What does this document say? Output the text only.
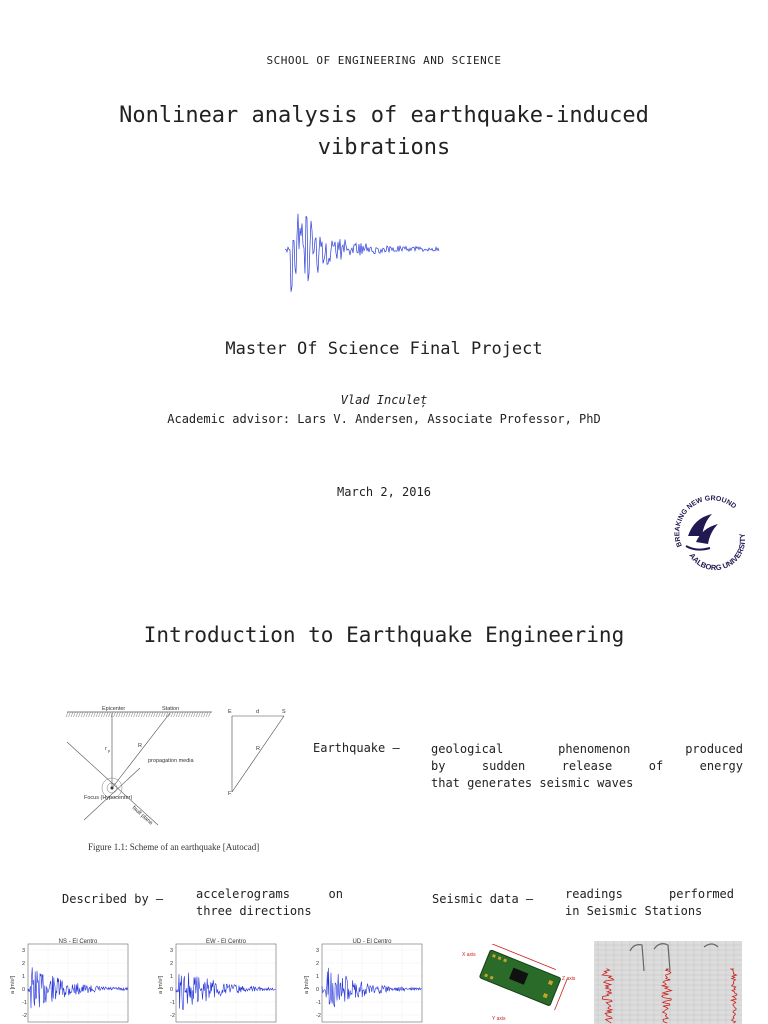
SCHOOL OF ENGINEERING AND SCIENCE
Nonlinear analysis of earthquake-induced
vibrations
Master Of Science Final Project
Vlad Inculeț
Academic advisor: Lars V. Andersen, Associate Professor, PhD
March 2, 2016
BREAKING NEW GROUND
AALBORG UNIVERSITY
Introduction to Earthquake Engineering
Epicenter	Station
r p
R
propagation media
Focus (Hypocenter)
fault plane
E	d	S
F
R
Figure 1.1: Scheme of an earthquake [Autocad]
Earthquake –	geological phenomenon produced
by sudden release of energy
that generates seismic waves
Described by –	accelerograms on
three directions
Seismic data –	readings performed
in Seismic Stations
3
2
1
0
-1
-2
NS - El Centro
a [m/s²]
3
2
1
0
-1
-2
EW - El Centro
a [m/s²]
3
2
1
0
-1
-2
UD - El Centro
a [m/s²]
X axis
Z axis
Y axis
